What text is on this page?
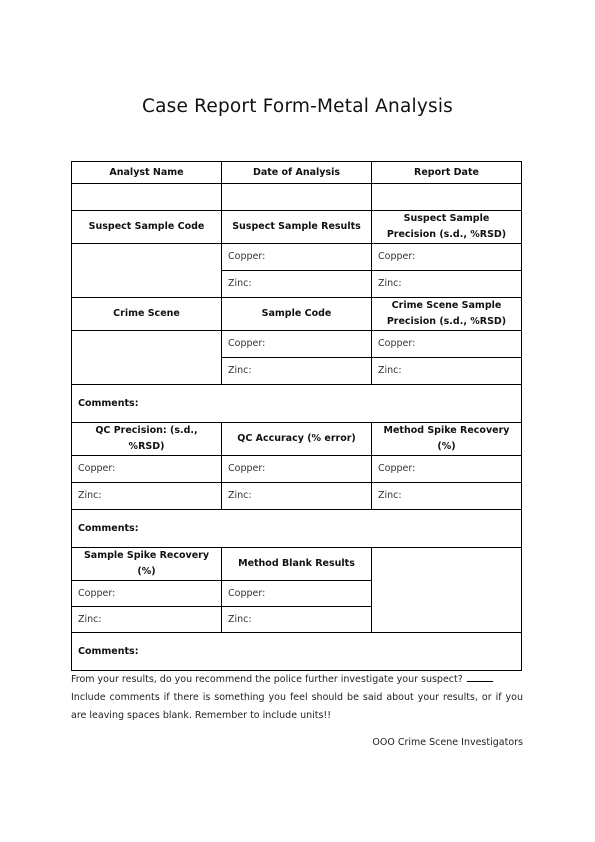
Case Report Form-Metal Analysis
Analyst Name	Date of Analysis	Report Date

Suspect Sample Code	Suspect Sample Results	Suspect Sample Precision (s.d., %RSD)
	Copper:	Copper:
	Zinc:	Zinc:
Crime Scene	Sample Code	Crime Scene Sample Precision (s.d., %RSD)
	Copper:	Copper:
	Zinc:	Zinc:
Comments:		
QC Precision: (s.d., %RSD)	QC Accuracy (% error)	Method Spike Recovery (%)
Copper:	Copper:	Copper:
Zinc:	Zinc:	Zinc:
Comments:		
Sample Spike Recovery (%)	Method Blank Results	
Copper:	Copper:	
Zinc:	Zinc:	
Comments:		
From your results, do you recommend the police further investigate your suspect?
Include comments if there is something you feel should be said about your results, or if you are leaving spaces blank. Remember to include units!!
OOO Crime Scene Investigators
